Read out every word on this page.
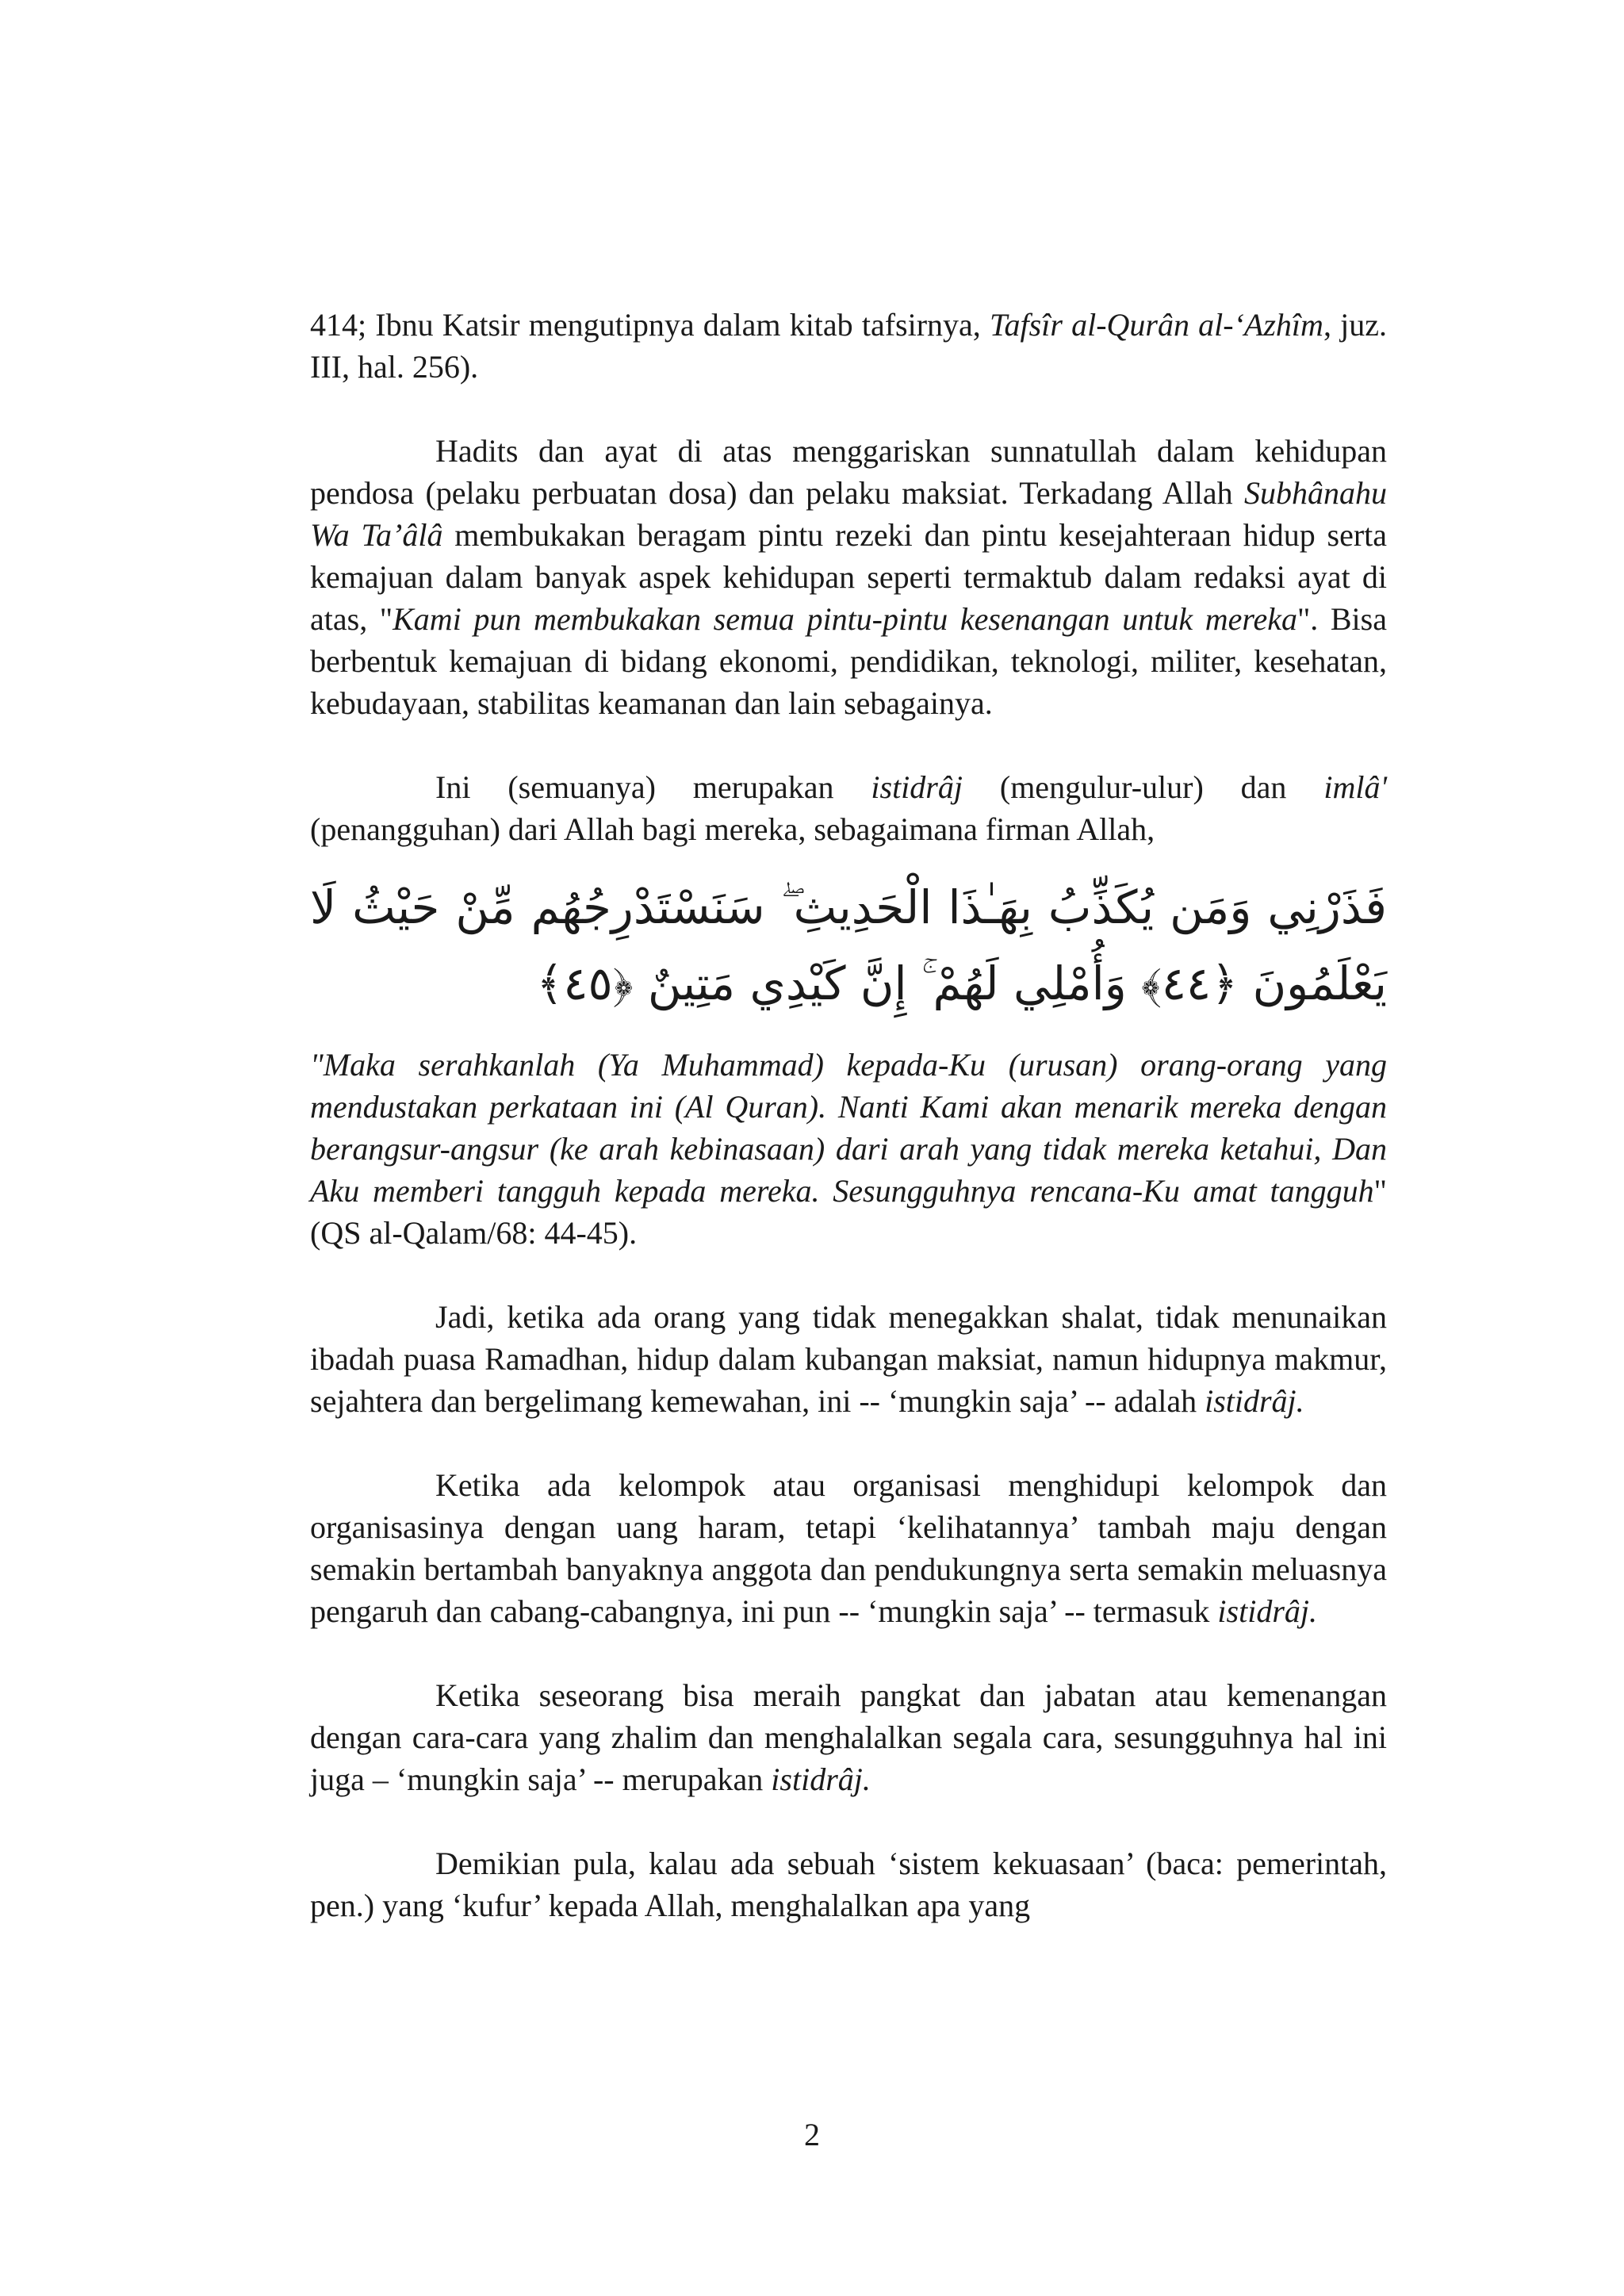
414; Ibnu Katsir mengutipnya dalam kitab tafsirnya, Tafsîr al-Qurân al-‘Azhîm, juz. III, hal. 256).

Hadits dan ayat di atas menggariskan sunnatullah dalam kehidupan pendosa (pelaku perbuatan dosa) dan pelaku maksiat. Terkadang Allah Subhânahu Wa Ta’âlâ membukakan beragam pintu rezeki dan pintu kesejahteraan hidup serta kemajuan dalam banyak aspek kehidupan seperti termaktub dalam redaksi ayat di atas, "Kami pun membukakan semua pintu-pintu kesenangan untuk mereka". Bisa berbentuk kemajuan di bidang ekonomi, pendidikan, teknologi, militer, kesehatan, kebudayaan, stabilitas keamanan dan lain sebagainya.

Ini (semuanya) merupakan istidrâj (mengulur-ulur) dan imlâ' (penangguhan) dari Allah bagi mereka, sebagaimana firman Allah,

فَذَرْنِي وَمَن يُكَذِّبُ بِهَـٰذَا الْحَدِيثِ ۖ سَنَسْتَدْرِجُهُم مِّنْ حَيْثُ لَا
يَعْلَمُونَ ﴿٤٤﴾ وَأُمْلِي لَهُمْ ۚ إِنَّ كَيْدِي مَتِينٌ ﴿٤٥﴾

"Maka serahkanlah (Ya Muhammad) kepada-Ku (urusan) orang-orang yang mendustakan perkataan ini (Al Quran). Nanti Kami akan menarik mereka dengan berangsur-angsur (ke arah kebinasaan) dari arah yang tidak mereka ketahui, Dan Aku memberi tangguh kepada mereka. Sesungguhnya rencana-Ku amat tangguh" (QS al-Qalam/68: 44-45).

Jadi, ketika ada orang yang tidak menegakkan shalat, tidak menunaikan ibadah puasa Ramadhan, hidup dalam kubangan maksiat, namun hidupnya makmur, sejahtera dan bergelimang kemewahan, ini -- ‘mungkin saja’ -- adalah istidrâj.

Ketika ada kelompok atau organisasi menghidupi kelompok dan organisasinya dengan uang haram, tetapi ‘kelihatannya’ tambah maju dengan semakin bertambah banyaknya anggota dan pendukungnya serta semakin meluasnya pengaruh dan cabang-cabangnya, ini pun -- ‘mungkin saja’ -- termasuk istidrâj.

Ketika seseorang bisa meraih pangkat dan jabatan atau kemenangan dengan cara-cara yang zhalim dan menghalalkan segala cara, sesungguhnya hal ini juga – ‘mungkin saja’ -- merupakan istidrâj.

Demikian pula, kalau ada sebuah ‘sistem kekuasaan’ (baca: pemerintah, pen.) yang ‘kufur’ kepada Allah, menghalalkan apa yang

2
